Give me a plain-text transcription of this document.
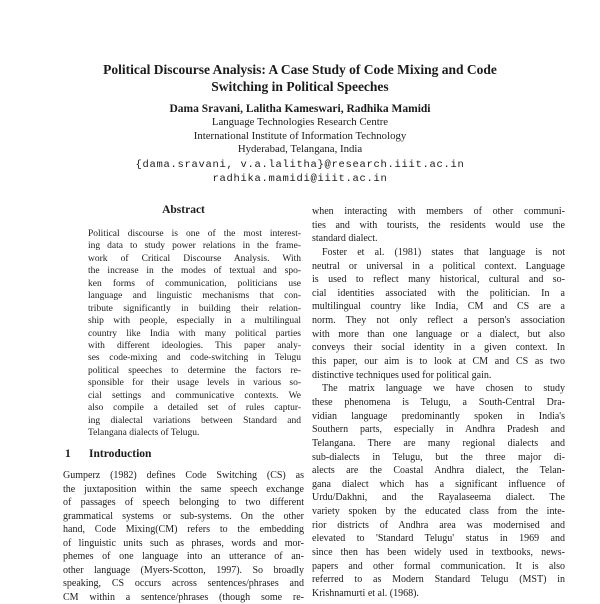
Political Discourse Analysis: A Case Study of Code Mixing and Code
Switching in Political Speeches
Dama Sravani, Lalitha Kameswari, Radhika Mamidi
Language Technologies Research Centre
International Institute of Information Technology
Hyderabad, Telangana, India
{dama.sravani, v.a.lalitha}@research.iiit.ac.in
radhika.mamidi@iiit.ac.in
Abstract
Political discourse is one of the most interest-
ing data to study power relations in the frame-
work of Critical Discourse Analysis. With
the increase in the modes of textual and spo-
ken forms of communication, politicians use
language and linguistic mechanisms that con-
tribute significantly in building their relation-
ship with people, especially in a multilingual
country like India with many political parties
with different ideologies. This paper analy-
ses code-mixing and code-switching in Telugu
political speeches to determine the factors re-
sponsible for their usage levels in various so-
cial settings and communicative contexts. We
also compile a detailed set of rules captur-
ing dialectal variations between Standard and
Telangana dialects of Telugu.
1 Introduction
Gumperz (1982) defines Code Switching (CS) as
the juxtaposition within the same speech exchange
of passages of speech belonging to two different
grammatical systems or sub-systems. On the other
hand, Code Mixing(CM) refers to the embedding
of linguistic units such as phrases, words and mor-
phemes of one language into an utterance of an-
other language (Myers-Scotton, 1997). So broadly
speaking, CS occurs across sentences/phrases and
CM within a sentence/phrases (though some re-
when interacting with members of other communi-
ties and with tourists, the residents would use the
standard dialect.
Foster et al. (1981) states that language is not
neutral or universal in a political context. Language
is used to reflect many historical, cultural and so-
cial identities associated with the politician. In a
multilingual country like India, CM and CS are a
norm. They not only reflect a person's association
with more than one language or a dialect, but also
conveys their social identity in a given context. In
this paper, our aim is to look at CM and CS as two
distinctive techniques used for political gain.
The matrix language we have chosen to study
these phenomena is Telugu, a South-Central Dra-
vidian language predominantly spoken in India's
Southern parts, especially in Andhra Pradesh and
Telangana. There are many regional dialects and
sub-dialects in Telugu, but the three major di-
alects are the Coastal Andhra dialect, the Telan-
gana dialect which has a significant influence of
Urdu/Dakhni, and the Rayalaseema dialect. The
variety spoken by the educated class from the inte-
rior districts of Andhra area was modernised and
elevated to 'Standard Telugu' status in 1969 and
since then has been widely used in textbooks, news-
papers and other formal communication. It is also
referred to as Modern Standard Telugu (MST) in
Krishnamurti et al. (1968).
